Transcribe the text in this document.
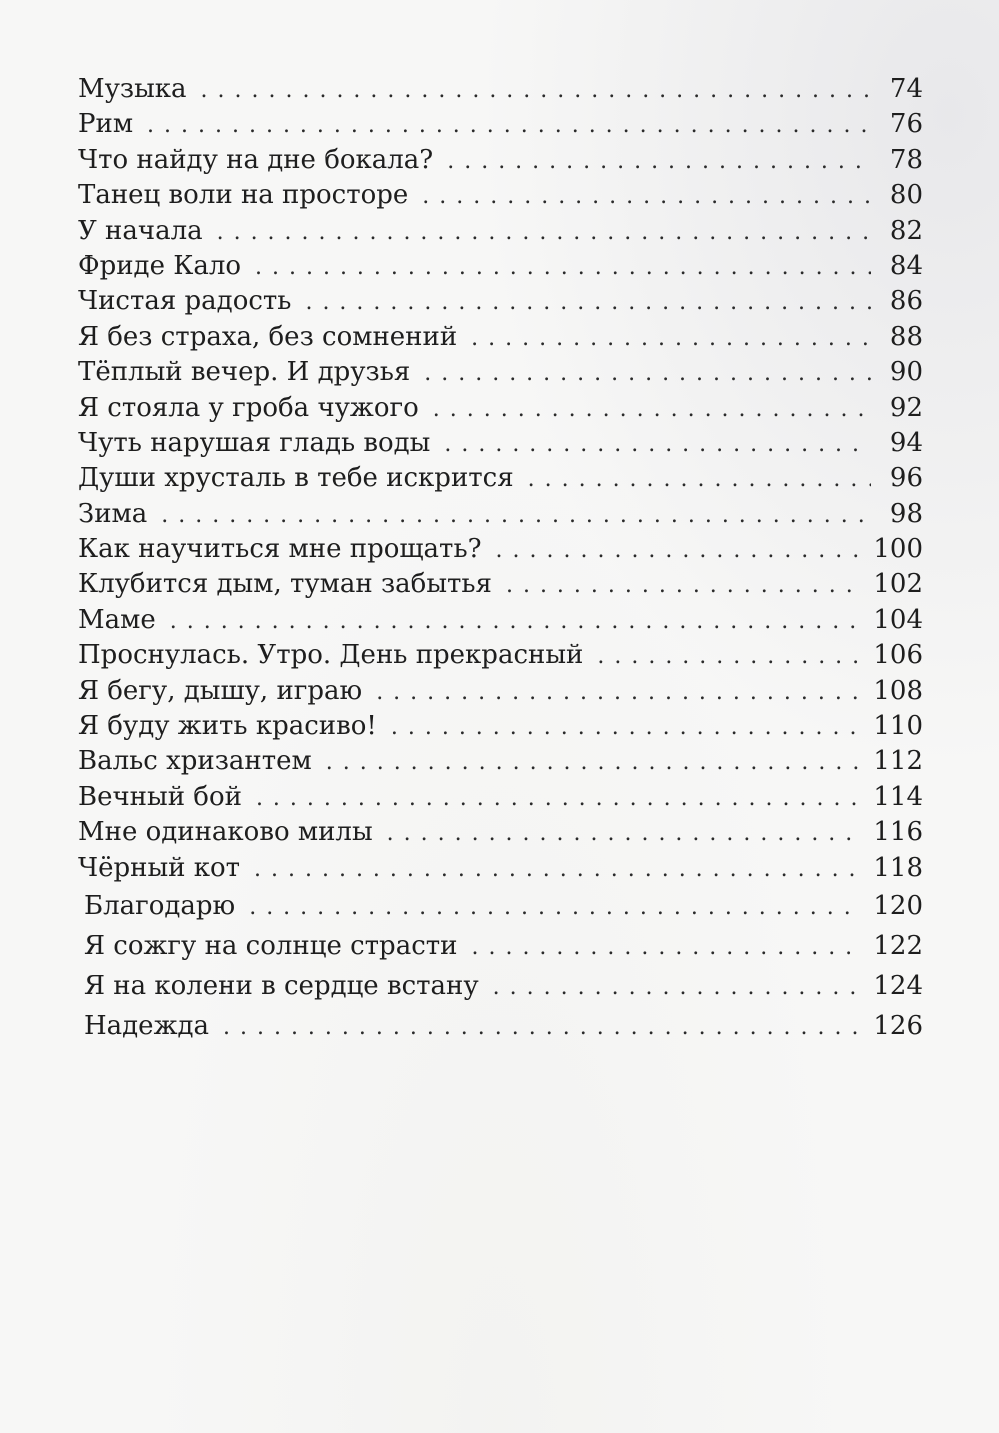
Музыка . . .	74
Рим . . .	76
Что найду на дне бокала? . . .	78
Танец воли на просторе . . .	80
У начала . . .	82
Фриде Кало . . .	84
Чистая радость . . .	86
Я без страха, без сомнений . . .	88
Тёплый вечер. И друзья . . .	90
Я стояла у гроба чужого . . .	92
Чуть нарушая гладь воды . . .	94
Души хрусталь в тебе искрится . . .	96
Зима . . .	98
Как научиться мне прощать? . . .	100
Клубится дым, туман забытья . . .	102
Маме . . .	104
Проснулась. Утро. День прекрасный . . .	106
Я бегу, дышу, играю . . .	108
Я буду жить красиво! . . .	110
Вальс хризантем . . .	112
Вечный бой . . .	114
Мне одинаково милы . . .	116
Чёрный кот . . .	118
Благодарю . . .	120
Я сожгу на солнце страсти . . .	122
Я на колени в сердце встану . . .	124
Надежда . . .	126
